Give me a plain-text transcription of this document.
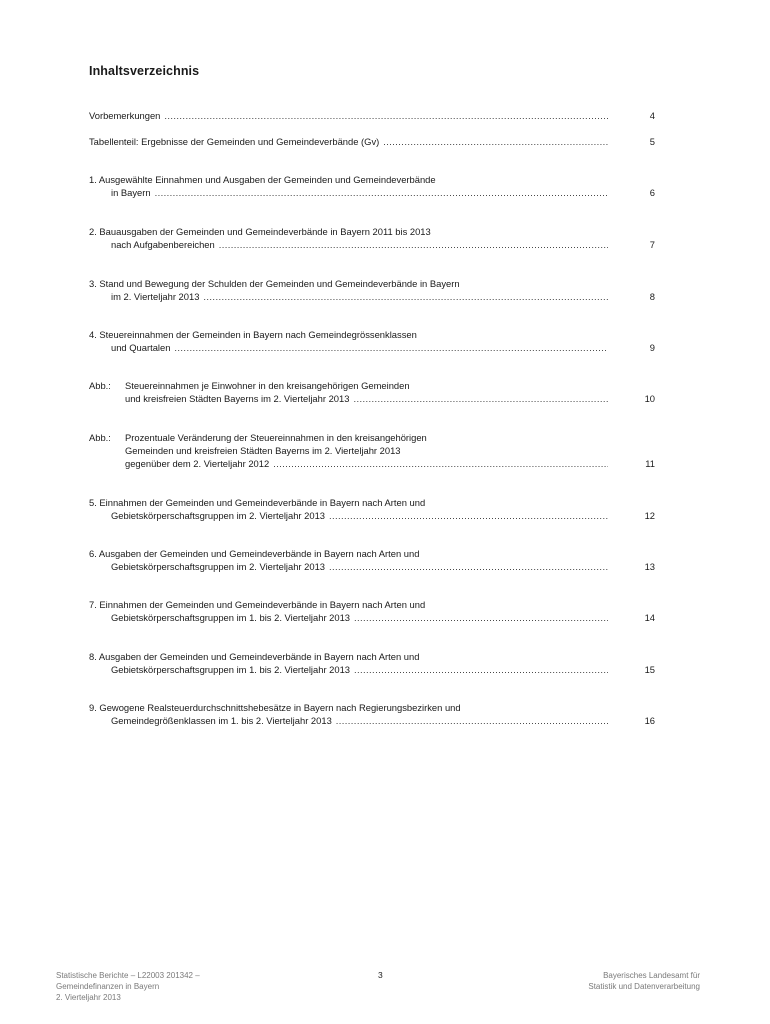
Inhaltsverzeichnis
Vorbemerkungen .....	4
Tabellenteil: Ergebnisse der Gemeinden und Gemeindeverbände (Gv) .....	5
1. Ausgewählte Einnahmen und Ausgaben der Gemeinden und Gemeindeverbände
in Bayern .....	6
2. Bauausgaben der Gemeinden und Gemeindeverbände in Bayern 2011 bis 2013
nach Aufgabenbereichen .....	7
3. Stand und Bewegung der Schulden der Gemeinden und Gemeindeverbände in Bayern
im 2. Vierteljahr 2013 .....	8
4. Steuereinnahmen der Gemeinden in Bayern nach Gemeindegrössenklassen
und Quartalen .....	9
Abb.: Steuereinnahmen je Einwohner in den kreisangehörigen Gemeinden
und kreisfreien Städten Bayerns im 2. Vierteljahr 2013 .....	10
Abb.: Prozentuale Veränderung der Steuereinnahmen in den kreisangehörigen
Gemeinden und kreisfreien Städten Bayerns im 2. Vierteljahr 2013
gegenüber dem 2. Vierteljahr 2012 .....	11
5. Einnahmen der Gemeinden und Gemeindeverbände in Bayern nach Arten und
Gebietskörperschaftsgruppen im 2. Vierteljahr 2013 .....	12
6. Ausgaben der Gemeinden und Gemeindeverbände in Bayern nach Arten und
Gebietskörperschaftsgruppen im 2. Vierteljahr 2013 .....	13
7. Einnahmen der Gemeinden und Gemeindeverbände in Bayern nach Arten und
Gebietskörperschaftsgruppen im 1. bis 2. Vierteljahr 2013 .....	14
8. Ausgaben der Gemeinden und Gemeindeverbände in Bayern nach Arten und
Gebietskörperschaftsgruppen im 1. bis 2. Vierteljahr 2013 .....	15
9. Gewogene Realsteuerdurchschnittshebesätze in Bayern nach Regierungsbezirken und
Gemeindegrößenklassen im 1. bis 2. Vierteljahr 2013 .....	16
Statistische Berichte – L22003 201342 –
Gemeindefinanzen in Bayern
2. Vierteljahr 2013
3	Bayerisches Landesamt für
Statistik und Datenverarbeitung
